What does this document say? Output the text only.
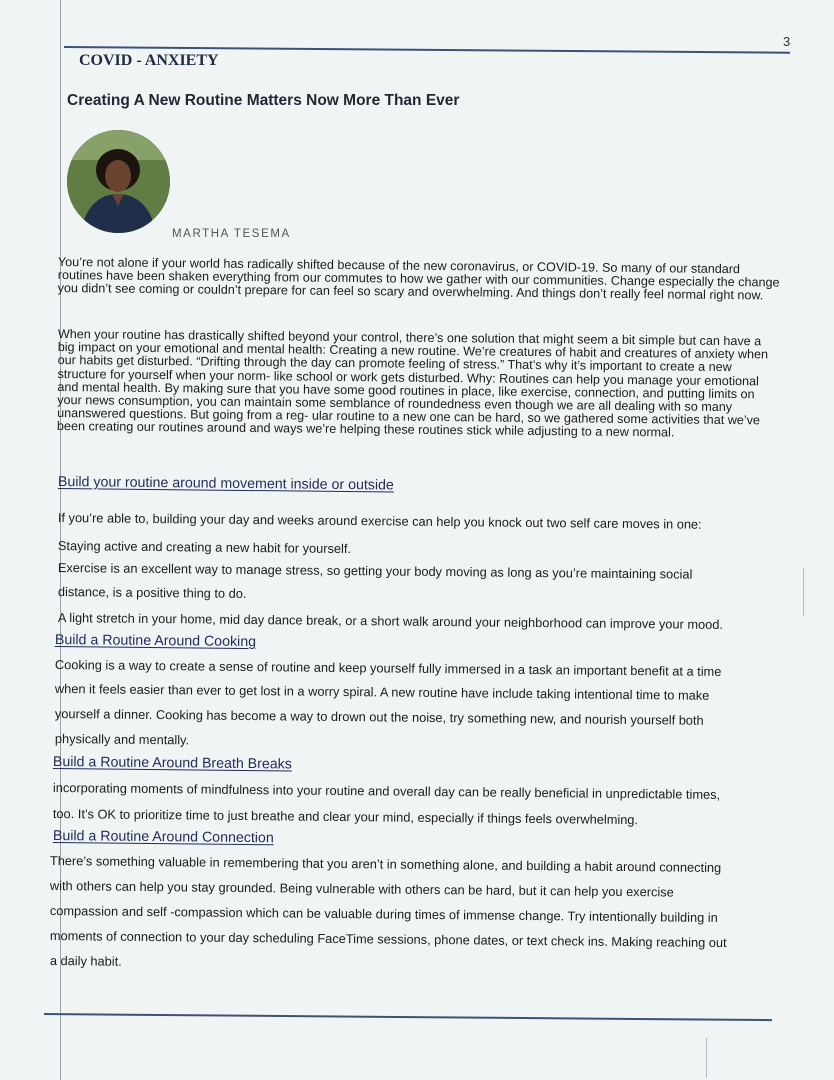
3
COVID - ANXIETY
Creating A New Routine Matters Now More Than Ever
MARTHA TESEMA
You’re not alone if your world has radically shifted because of the new coronavirus, or COVID-19. So many of our standard routines have been shaken everything from our commutes to how we gather with our communities. Change especially the change you didn’t see coming or couldn’t prepare for can feel so scary and overwhelming. And things don’t really feel normal right now.
When your routine has drastically shifted beyond your control, there’s one solution that might seem a bit simple but can have a big impact on your emotional and mental health: Creating a new routine. We’re creatures of habit and creatures of anxiety when our habits get disturbed. “Drifting through the day can promote feeling of stress.” That’s why it’s important to create a new structure for yourself when your norm- like school or work gets disturbed. Why: Routines can help you manage your emotional and mental health. By making sure that you have some good routines in place, like exercise, connection, and putting limits on your news consumption, you can maintain some semblance of roundedness even though we are all dealing with so many unanswered questions. But going from a reg- ular routine to a new one can be hard, so we gathered some activities that we’ve been creating our routines around and ways we’re helping these routines stick while adjusting to a new normal.
Build your routine around movement inside or outside
If you’re able to, building your day and weeks around exercise can help you knock out two self care moves in one:
Staying active and creating a new habit for yourself.
Exercise is an excellent way to manage stress, so getting your body moving as long as you’re maintaining social
distance, is a positive thing to do.
A light stretch in your home, mid day dance break, or a short walk around your neighborhood can improve your mood.
Build a Routine Around Cooking
Cooking is a way to create a sense of routine and keep yourself fully immersed in a task an important benefit at a time
when it feels easier than ever to get lost in a worry spiral. A new routine have include taking intentional time to make
yourself a dinner. Cooking has become a way to drown out the noise, try something new, and nourish yourself both
physically and mentally.
Build a Routine Around Breath Breaks
incorporating moments of mindfulness into your routine and overall day can be really beneficial in unpredictable times,
too. It’s OK to prioritize time to just breathe and clear your mind, especially if things feels overwhelming.
Build a Routine Around Connection
There’s something valuable in remembering that you aren’t in something alone, and building a habit around connecting
with others can help you stay grounded. Being vulnerable with others can be hard, but it can help you exercise
compassion and self -compassion which can be valuable during times of immense change. Try intentionally building in
moments of connection to your day scheduling FaceTime sessions, phone dates, or text check ins. Making reaching out
a daily habit.
